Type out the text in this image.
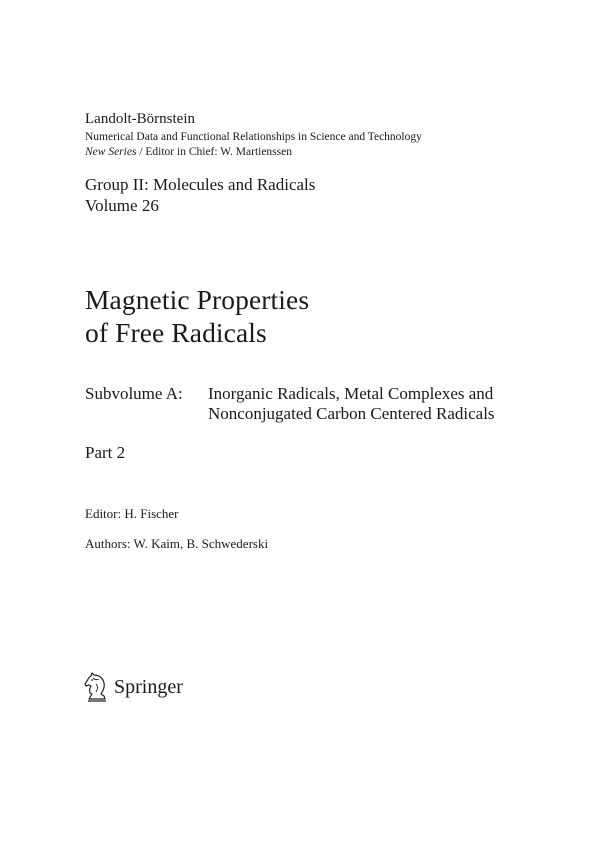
Landolt-Börnstein
Numerical Data and Functional Relationships in Science and Technology
New Series / Editor in Chief: W. Martienssen
Group II: Molecules and Radicals
Volume 26
Magnetic Properties
of Free Radicals
Subvolume A: Inorganic Radicals, Metal Complexes and
Nonconjugated Carbon Centered Radicals
Part 2
Editor: H. Fischer
Authors: W. Kaim, B. Schwederski
Springer
